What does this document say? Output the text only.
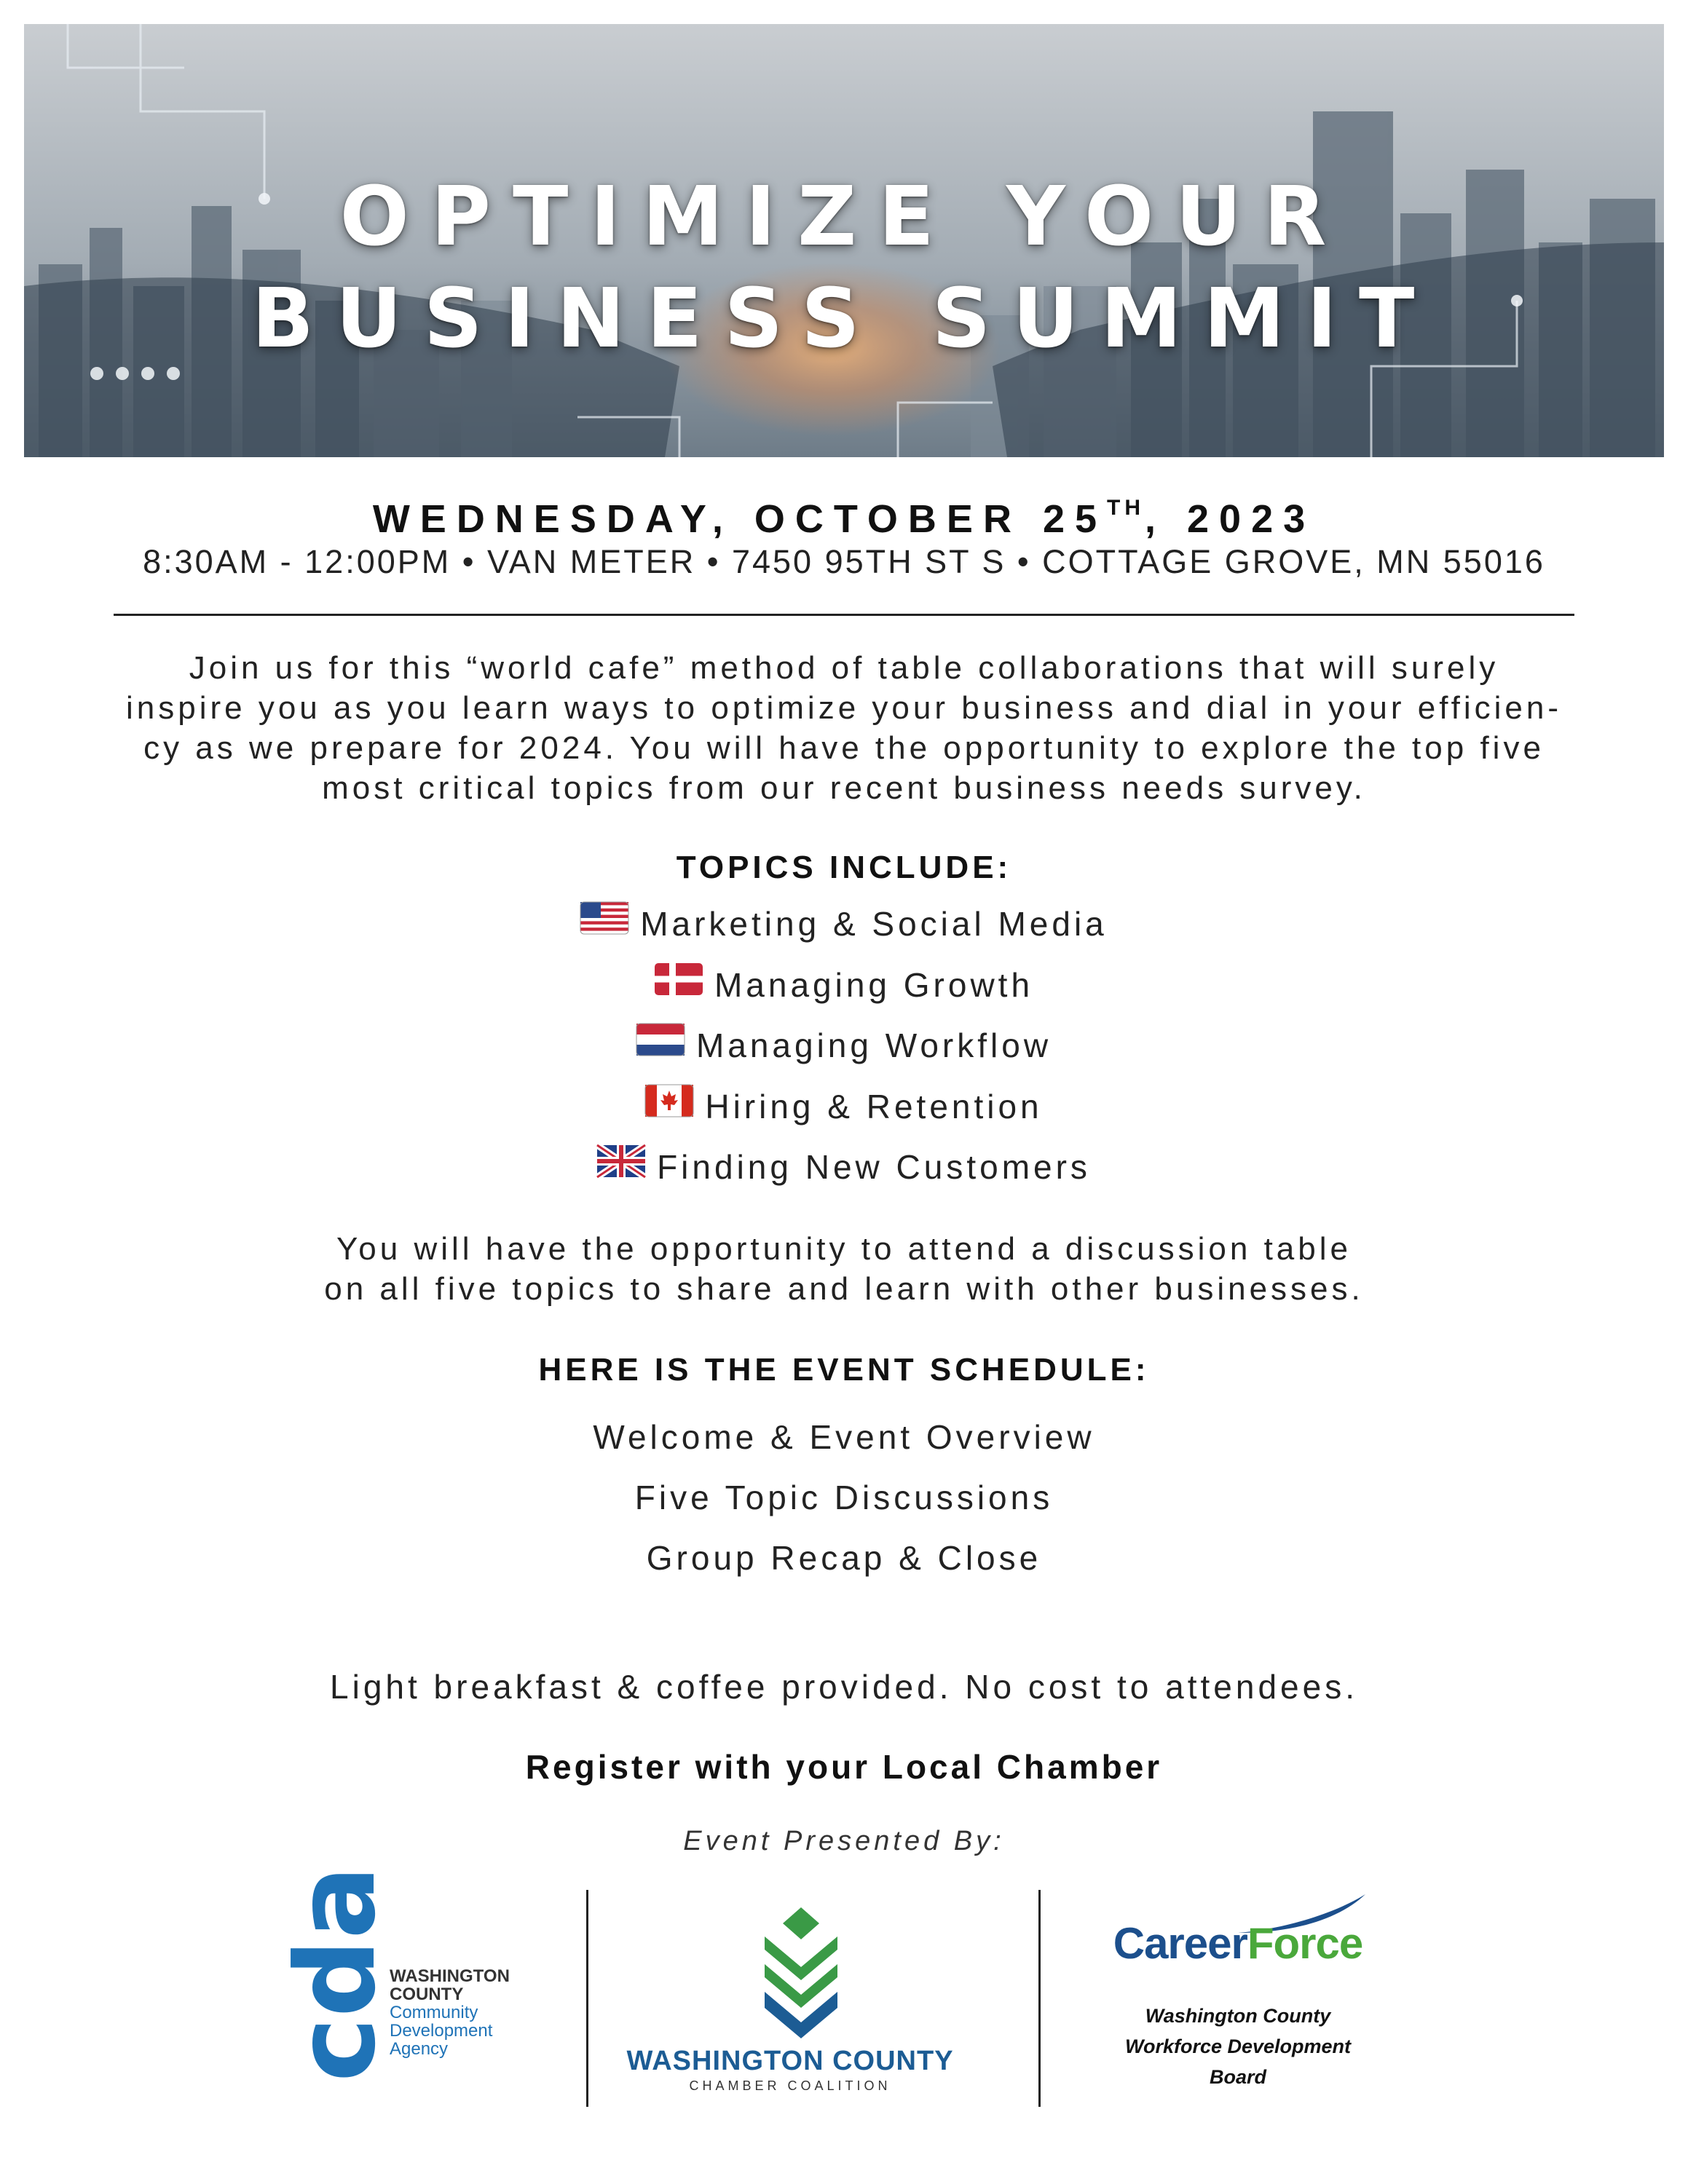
OPTIMIZE YOUR
BUSINESS SUMMIT
WEDNESDAY, OCTOBER 25TH, 2023
8:30AM - 12:00PM • VAN METER • 7450 95TH ST S • COTTAGE GROVE, MN 55016
Join us for this “world cafe” method of table collaborations that will surely
inspire you as you learn ways to optimize your business and dial in your efficien-
cy as we prepare for 2024. You will have the opportunity to explore the top five
most critical topics from our recent business needs survey.
TOPICS INCLUDE:
Marketing & Social Media
Managing Growth
Managing Workflow
Hiring & Retention
Finding New Customers
You will have the opportunity to attend a discussion table
on all five topics to share and learn with other businesses.
HERE IS THE EVENT SCHEDULE:
Welcome & Event Overview
Five Topic Discussions
Group Recap & Close
Light breakfast & coffee provided. No cost to attendees.
Register with your Local Chamber
Event Presented By:
cda
WASHINGTON
COUNTY
Community
Development
Agency	WASHINGTON COUNTY
CHAMBER COALITION
CareerForce
Washington County
Workforce Development
Board
